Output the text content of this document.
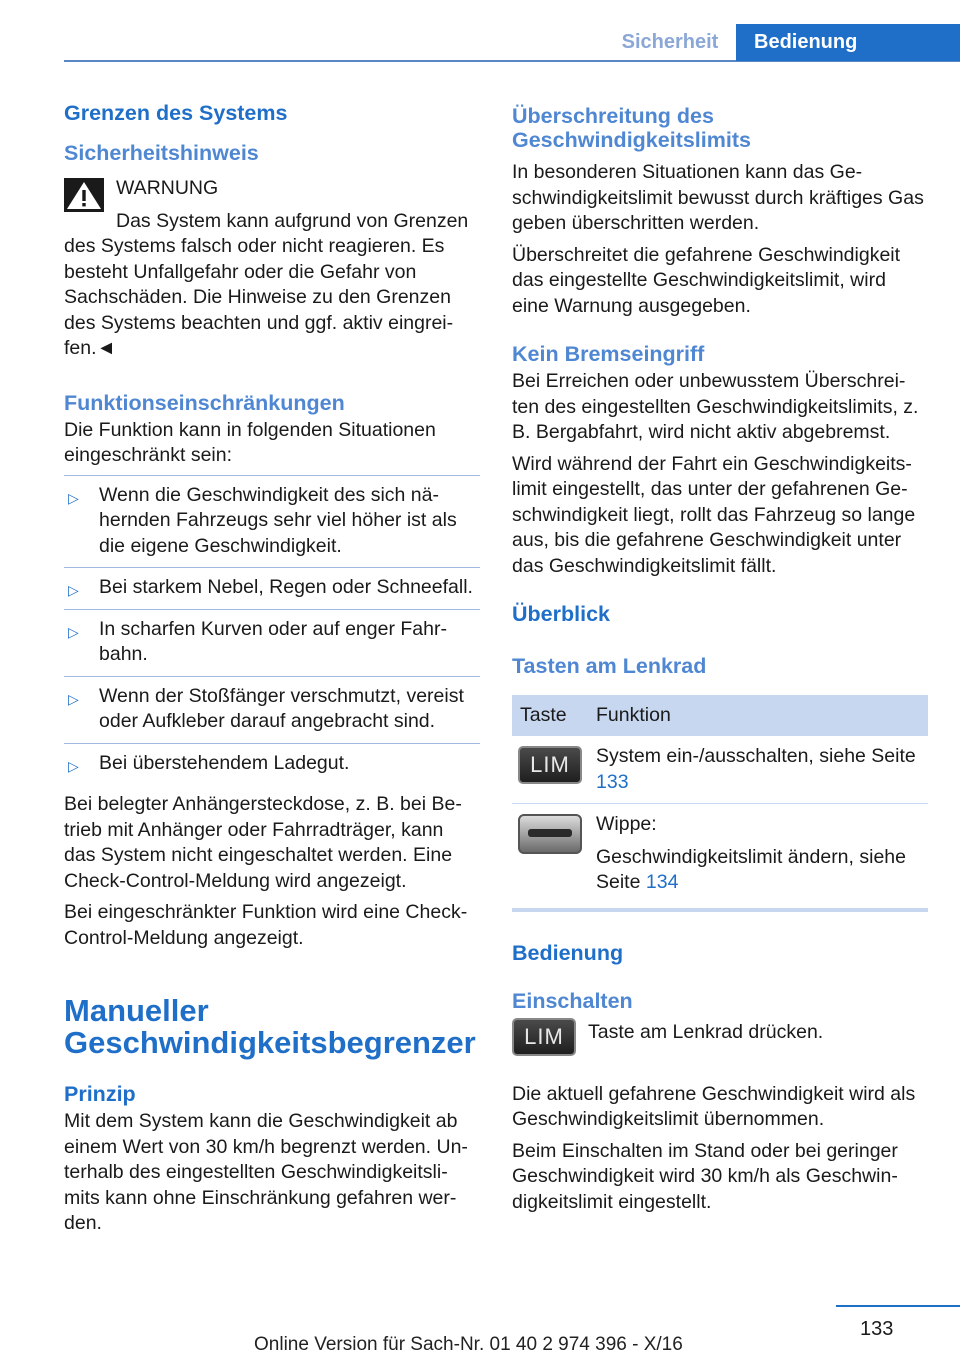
Sicherheit	Bedienung
Grenzen des Systems
Sicherheitshinweis
WARNUNG
Das System kann aufgrund von Grenzen des Systems falsch oder nicht reagieren. Es besteht Unfallgefahr oder die Gefahr von Sachschäden. Die Hinweise zu den Grenzen des Systems beachten und ggf. aktiv eingrei-fen.◄
Funktionseinschränkungen

Die Funktion kann in folgenden Situationen eingeschränkt sein:

▷ Wenn die Geschwindigkeit des sich nä-hernden Fahrzeugs sehr viel höher ist als die eigene Geschwindigkeit.
▷ Bei starkem Nebel, Regen oder Schneefall.
▷ In scharfen Kurven oder auf enger Fahr-bahn.
▷ Wenn der Stoßfänger verschmutzt, vereist oder Aufkleber darauf angebracht sind.
▷ Bei überstehendem Ladegut.

Bei belegter Anhängersteckdose, z. B. bei Be-trieb mit Anhänger oder Fahrradträger, kann das System nicht eingeschaltet werden. Eine Check-Control-Meldung wird angezeigt.

Bei eingeschränkter Funktion wird eine Check-Control-Meldung angezeigt.

Manueller Geschwindigkeitsbegrenzer
Prinzip

Mit dem System kann die Geschwindigkeit ab einem Wert von 30 km/h begrenzt werden. Un-terhalb des eingestellten Geschwindigkeitsli-mits kann ohne Einschränkung gefahren wer-den.

Überschreitung des Geschwindigkeitslimits

In besonderen Situationen kann das Ge-schwindigkeitslimit bewusst durch kräftiges Gas geben überschritten werden.

Überschreitet die gefahrene Geschwindigkeit das eingestellte Geschwindigkeitslimit, wird eine Warnung ausgegeben.

Kein Bremseingriff

Bei Erreichen oder unbewusstem Überschrei-ten des eingestellten Geschwindigkeitslimits, z. B. Bergabfahrt, wird nicht aktiv abgebremst.

Wird während der Fahrt ein Geschwindigkeits-limit eingestellt, das unter der gefahrenen Ge-schwindigkeit liegt, rollt das Fahrzeug so lange aus, bis die gefahrene Geschwindigkeit unter das Geschwindigkeitslimit fällt.

Überblick
Tasten am Lenkrad
Taste	Funktion

LIM	System ein-/ausschalten, siehe Seite 133

	Wippe:
Geschwindigkeitslimit ändern, siehe Seite 134
Bedienung
Einschalten
LIM	Taste am Lenkrad drücken.

Die aktuell gefahrene Geschwindigkeit wird als Geschwindigkeitslimit übernommen.

Beim Einschalten im Stand oder bei geringer Geschwindigkeit wird 30 km/h als Geschwin-digkeitslimit eingestellt.

133
Online Version für Sach-Nr. 01 40 2 974 396 - X/16
